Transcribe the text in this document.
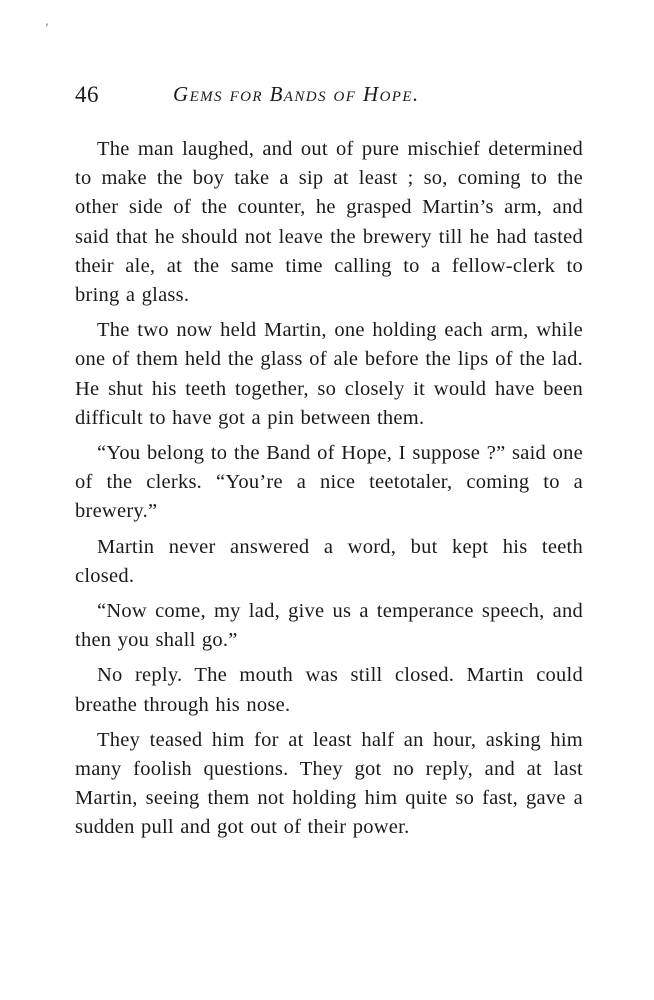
‚
46	Gems for Bands of Hope.

The man laughed, and out of pure mischief determined to make the boy take a sip at least ; so, coming to the other side of the counter, he grasped Martin’s arm, and said that he should not leave the brewery till he had tasted their ale, at the same time calling to a fellow-clerk to bring a glass.

The two now held Martin, one holding each arm, while one of them held the glass of ale before the lips of the lad. He shut his teeth together, so closely it would have been difficult to have got a pin between them.

“You belong to the Band of Hope, I suppose ?” said one of the clerks. “You’re a nice teetotaler, coming to a brewery.”

Martin never answered a word, but kept his teeth closed.

“Now come, my lad, give us a temperance speech, and then you shall go.”

No reply. The mouth was still closed. Martin could breathe through his nose.

They teased him for at least half an hour, asking him many foolish questions. They got no reply, and at last Martin, seeing them not holding him quite so fast, gave a sudden pull and got out of their power.
